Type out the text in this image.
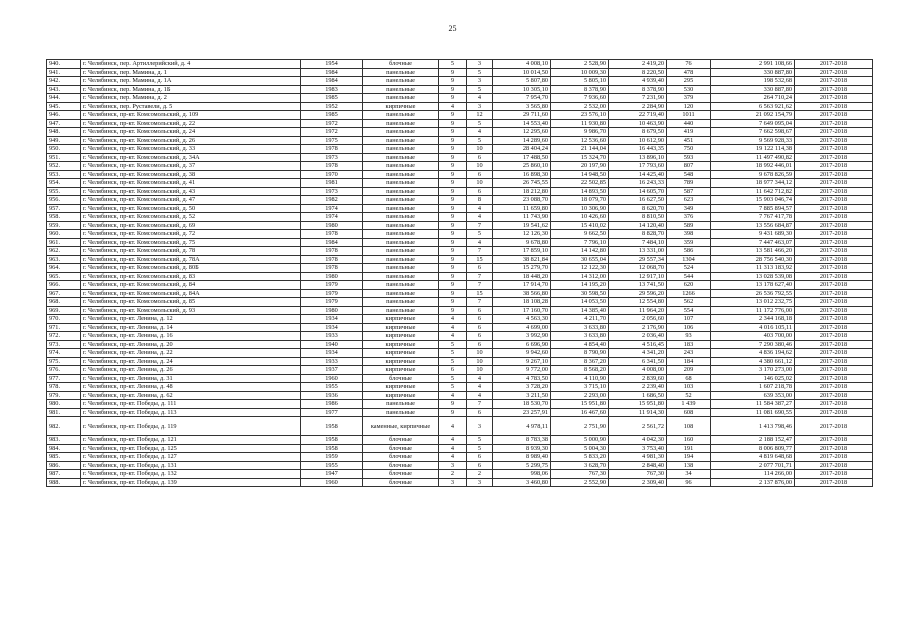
25
940.	г. Челябинск, пер. Артиллерийский, д. 4	1954	блочные	5	3	4 008,10	2 528,90	2 419,20	76	2 991 108,66	2017-2018
941.	г. Челябинск, пер. Мамина, д. 1	1984	панельные	9	5	10 014,50	10 009,30	8 220,50	478	330 887,80	2017-2018
942.	г. Челябинск, пер. Мамина, д. 1А	1984	панельные	9	3	5 807,80	5 805,10	4 939,40	295	198 532,68	2017-2018
943.	г. Челябинск, пер. Мамина, д. 1Б	1983	панельные	9	5	10 305,10	8 378,90	8 378,90	530	330 887,80	2017-2018
944.	г. Челябинск, пер. Мамина, д. 2	1985	панельные	9	4	7 954,70	7 936,60	7 231,90	379	264 710,24	2017-2018
945.	г. Челябинск, пер. Руставели, д. 5	1952	кирпичные	4	3	3 565,80	2 532,00	2 284,90	120	6 563 921,62	2017-2018
946.	г. Челябинск, пр-кт. Комсомольский, д. 109	1985	панельные	9	12	29 711,60	23 576,10	22 719,40	1011	21 092 154,79	2017-2018
947.	г. Челябинск, пр-кт. Комсомольский, д. 22	1972	панельные	9	5	14 553,40	11 930,80	10 463,90	440	7 649 095,04	2017-2018
948.	г. Челябинск, пр-кт. Комсомольский, д. 24	1972	панельные	9	4	12 295,60	9 986,70	8 679,50	419	7 662 598,67	2017-2018
949.	г. Челябинск, пр-кт. Комсомольский, д. 26	1975	панельные	9	5	14 289,60	12 536,60	10 612,90	451	9 569 928,33	2017-2018
950.	г. Челябинск, пр-кт. Комсомольский, д. 33	1978	панельные	9	10	28 404,24	21 144,04	16 443,35	750	19 122 114,38	2017-2018
951.	г. Челябинск, пр-кт. Комсомольский, д. 34А	1973	панельные	9	6	17 488,50	15 324,70	13 896,10	593	11 497 490,82	2017-2018
952.	г. Челябинск, пр-кт. Комсомольский, д. 37	1978	панельные	9	10	25 860,10	20 197,90	17 793,60	807	18 992 446,01	2017-2018
953.	г. Челябинск, пр-кт. Комсомольский, д. 38	1970	панельные	9	6	16 898,30	14 948,50	14 425,40	548	9 678 826,59	2017-2018
954.	г. Челябинск, пр-кт. Комсомольский, д. 41	1981	панельные	9	10	26 745,55	22 502,85	16 243,33	789	18 977 344,12	2017-2018
955.	г. Челябинск, пр-кт. Комсомольский, д. 43	1973	панельные	9	6	18 212,80	14 893,50	14 605,70	587	11 642 712,82	2017-2018
956.	г. Челябинск, пр-кт. Комсомольский, д. 47	1982	панельные	9	8	23 088,70	18 079,70	16 627,50	623	15 903 046,74	2017-2018
957.	г. Челябинск, пр-кт. Комсомольский, д. 50	1974	панельные	9	4	11 659,80	10 306,90	8 620,70	349	7 885 894,57	2017-2018
958.	г. Челябинск, пр-кт. Комсомольский, д. 52	1974	панельные	9	4	11 743,90	10 426,60	8 810,50	376	7 767 417,78	2017-2018
959.	г. Челябинск, пр-кт. Комсомольский, д. 69	1980	панельные	9	7	19 541,62	15 410,02	14 120,40	589	13 556 684,87	2017-2018
960.	г. Челябинск, пр-кт. Комсомольский, д. 72	1978	панельные	9	5	12 126,30	9 662,50	8 828,70	398	9 431 689,30	2017-2018
961.	г. Челябинск, пр-кт. Комсомольский, д. 75	1984	панельные	9	4	9 678,80	7 796,10	7 484,10	359	7 447 463,07	2017-2018
962.	г. Челябинск, пр-кт. Комсомольский, д. 78	1978	панельные	9	7	17 859,10	14 142,80	13 331,00	586	13 581 466,20	2017-2018
963.	г. Челябинск, пр-кт. Комсомольский, д. 78А	1978	панельные	9	15	38 821,84	30 655,04	29 557,34	1304	28 756 540,30	2017-2018
964.	г. Челябинск, пр-кт. Комсомольский, д. 80Б	1978	панельные	9	6	15 279,70	12 122,30	12 068,70	524	11 313 183,92	2017-2018
965.	г. Челябинск, пр-кт. Комсомольский, д. 83	1980	панельные	9	7	18 448,20	14 312,00	12 917,10	544	13 028 539,08	2017-2018
966.	г. Челябинск, пр-кт. Комсомольский, д. 84	1979	панельные	9	7	17 914,70	14 195,20	13 741,50	620	13 178 627,40	2017-2018
967.	г. Челябинск, пр-кт. Комсомольский, д. 84А	1979	панельные	9	15	38 566,80	30 598,50	29 596,20	1266	26 536 792,55	2017-2018
968.	г. Челябинск, пр-кт. Комсомольский, д. 85	1979	панельные	9	7	18 108,28	14 053,50	12 554,80	562	13 012 232,75	2017-2018
969.	г. Челябинск, пр-кт. Комсомольский, д. 93	1980	панельные	9	6	17 160,70	14 385,40	11 964,20	554	11 172 776,00	2017-2018
970.	г. Челябинск, пр-кт. Ленина, д. 12	1934	кирпичные	4	6	4 563,30	4 211,70	2 056,60	107	2 344 168,18	2017-2018
971.	г. Челябинск, пр-кт. Ленина, д. 14	1934	кирпичные	4	6	4 699,00	3 633,80	2 176,90	106	4 016 105,11	2017-2018
972.	г. Челябинск, пр-кт. Ленина, д. 16	1933	кирпичные	4	6	3 992,90	3 633,80	2 036,40	93	403 700,00	2017-2018
973.	г. Челябинск, пр-кт. Ленина, д. 20	1940	кирпичные	5	6	6 696,90	4 854,40	4 516,45	183	7 290 380,46	2017-2018
974.	г. Челябинск, пр-кт. Ленина, д. 22	1934	кирпичные	5	10	9 942,60	8 790,90	4 341,20	243	4 836 194,62	2017-2018
975.	г. Челябинск, пр-кт. Ленина, д. 24	1933	кирпичные	5	10	9 267,10	8 367,20	6 341,50	184	4 380 661,12	2017-2018
976.	г. Челябинск, пр-кт. Ленина, д. 26	1937	кирпичные	6	10	9 772,00	8 568,20	4 008,00	209	3 170 273,00	2017-2018
977.	г. Челябинск, пр-кт. Ленина, д. 31	1960	блочные	5	4	4 783,50	4 110,90	2 839,60	68	146 025,02	2017-2018
978.	г. Челябинск, пр-кт. Ленина, д. 48	1955	кирпичные	5	4	3 728,20	3 715,10	2 239,40	103	1 607 218,78	2017-2018
979.	г. Челябинск, пр-кт. Ленина, д. 62	1936	кирпичные	4	4	3 211,50	2 293,00	1 686,50	52	639 353,00	2017-2018
980.	г. Челябинск, пр-кт. Победы, д. 111	1986	панельные	9	7	18 530,70	15 951,80	15 951,80	1 439	11 584 387,27	2017-2018
981.	г. Челябинск, пр-кт. Победы, д. 113	1977	панельные	9	6	23 257,91	16 467,60	11 914,30	608	11 081 690,55	2017-2018
982.	г. Челябинск, пр-кт. Победы, д. 119	1958	каменные, кирпичные	4	3	4 978,11	2 751,90	2 561,72	108	1 413 798,46	2017-2018
983.	г. Челябинск, пр-кт. Победы, д. 121	1958	блочные	4	5	8 783,38	5 000,90	4 042,30	160	2 188 152,47	2017-2018
984.	г. Челябинск, пр-кт. Победы, д. 125	1958	блочные	4	5	8 939,30	5 004,30	3 753,40	191	8 006 809,77	2017-2018
985.	г. Челябинск, пр-кт. Победы, д. 127	1959	блочные	4	6	8 989,40	5 833,20	4 981,30	194	4 819 648,68	2017-2018
986.	г. Челябинск, пр-кт. Победы, д. 131	1955	блочные	3	6	5 299,75	3 628,70	2 848,40	138	2 077 701,71	2017-2018
987.	г. Челябинск, пр-кт. Победы, д. 132	1947	блочные	2	2	998,06	767,30	767,30	34	114 266,00	2017-2018
988.	г. Челябинск, пр-кт. Победы, д. 139	1960	блочные	3	3	3 460,80	2 552,90	2 309,40	96	2 137 876,00	2017-2018
